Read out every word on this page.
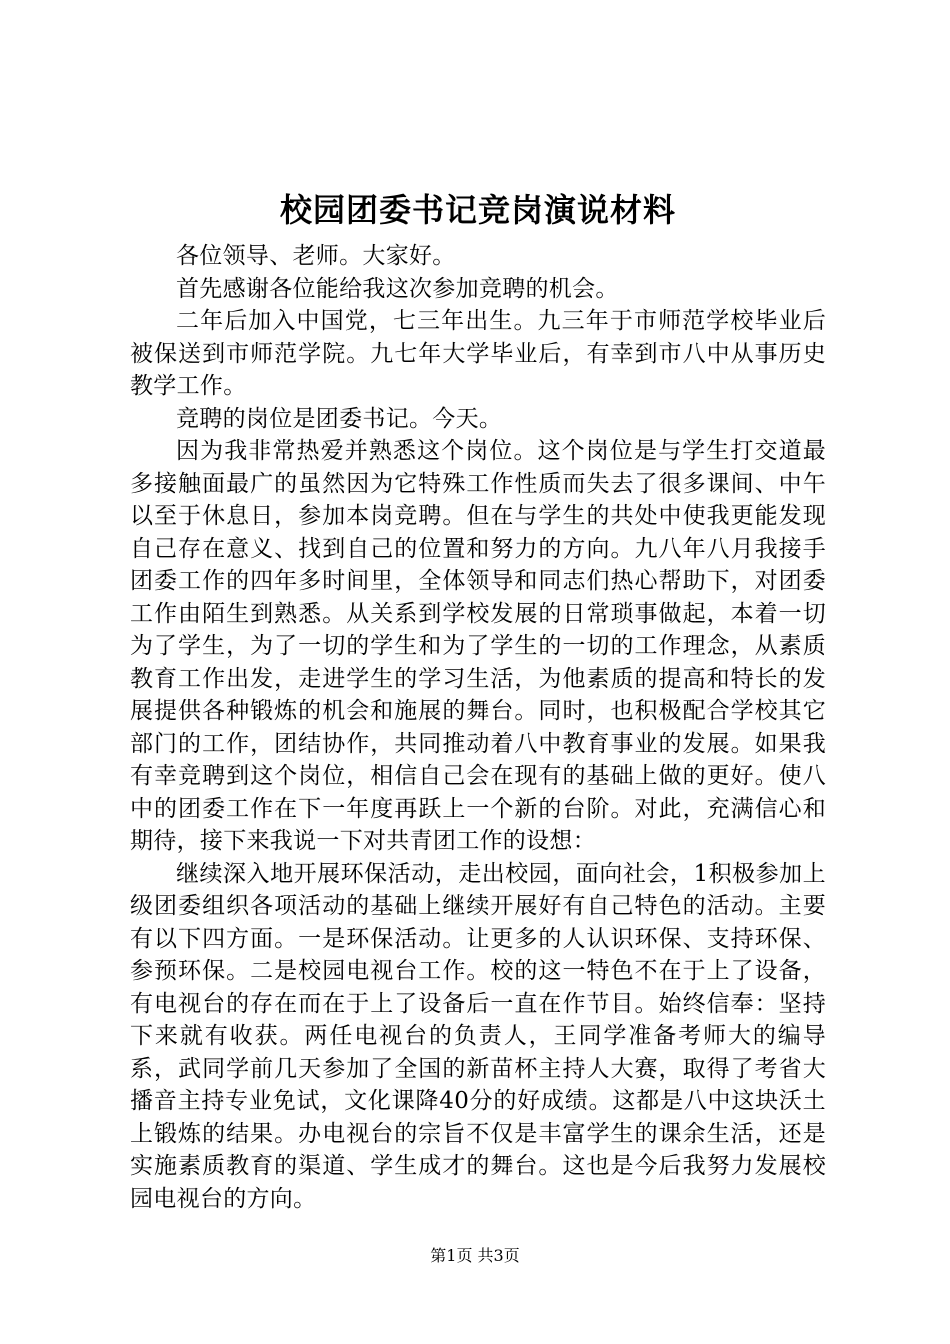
校园团委书记竞岗演说材料

各位领导、老师。大家好。

首先感谢各位能给我这次参加竞聘的机会。

二年后加入中国党，七三年出生。九三年于市师范学校毕业后被保送到市师范学院。九七年大学毕业后，有幸到市八中从事历史教学工作。

竞聘的岗位是团委书记。今天。

因为我非常热爱并熟悉这个岗位。这个岗位是与学生打交道最多接触面最广的虽然因为它特殊工作性质而失去了很多课间、中午以至于休息日，参加本岗竞聘。但在与学生的共处中使我更能发现自己存在意义、找到自己的位置和努力的方向。九八年八月我接手团委工作的四年多时间里，全体领导和同志们热心帮助下，对团委工作由陌生到熟悉。从关系到学校发展的日常琐事做起，本着一切为了学生，为了一切的学生和为了学生的一切的工作理念，从素质教育工作出发，走进学生的学习生活，为他素质的提高和特长的发展提供各种锻炼的机会和施展的舞台。同时，也积极配合学校其它部门的工作，团结协作，共同推动着八中教育事业的发展。如果我有幸竞聘到这个岗位，相信自己会在现有的基础上做的更好。使八中的团委工作在下一年度再跃上一个新的台阶。对此，充满信心和期待，接下来我说一下对共青团工作的设想：

继续深入地开展环保活动，走出校园，面向社会，1积极参加上级团委组织各项活动的基础上继续开展好有自己特色的活动。主要有以下四方面。一是环保活动。让更多的人认识环保、支持环保、参预环保。二是校园电视台工作。校的这一特色不在于上了设备，有电视台的存在而在于上了设备后一直在作节目。始终信奉：坚持下来就有收获。两任电视台的负责人，王同学准备考师大的编导系，武同学前几天参加了全国的新苗杯主持人大赛，取得了考省大播音主持专业免试，文化课降40分的好成绩。这都是八中这块沃土上锻炼的结果。办电视台的宗旨不仅是丰富学生的课余生活，还是实施素质教育的渠道、学生成才的舞台。这也是今后我努力发展校园电视台的方向。

第1页 共3页
